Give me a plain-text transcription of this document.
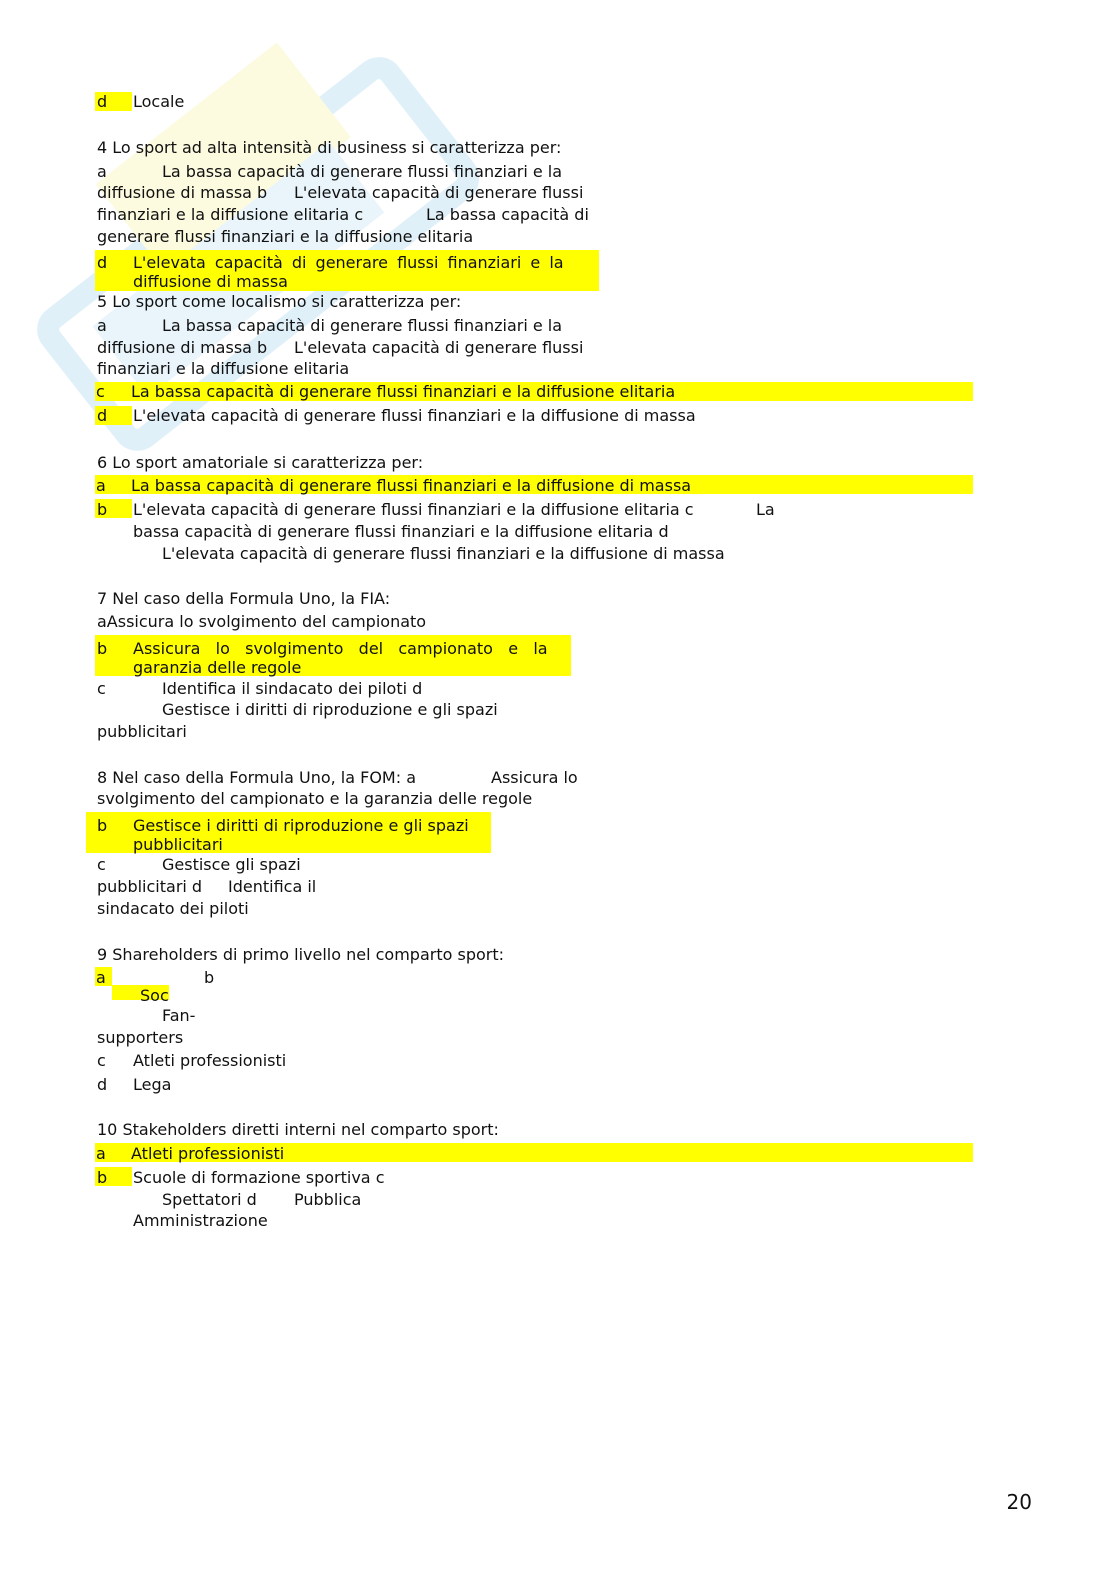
d Locale
4 Lo sport ad alta intensità di business si caratterizza per:
a	La bassa capacità di generare flussi finanziari e la
diffusione di massa b L'elevata capacità di generare flussi
finanziari e la diffusione elitaria c	La bassa capacità di
generare flussi finanziari e la diffusione elitaria
d L'elevata capacità di generare flussi finanziari e la
diffusione di massa
5 Lo sport come localismo si caratterizza per:
a	La bassa capacità di generare flussi finanziari e la
diffusione di massa b L'elevata capacità di generare flussi
finanziari e la diffusione elitaria
c La bassa capacità di generare flussi finanziari e la diffusione elitaria
d L'elevata capacità di generare flussi finanziari e la diffusione di massa
6 Lo sport amatoriale si caratterizza per:
a La bassa capacità di generare flussi finanziari e la diffusione di massa
b L'elevata capacità di generare flussi finanziari e la diffusione elitaria c	La
bassa capacità di generare flussi finanziari e la diffusione elitaria d
L'elevata capacità di generare flussi finanziari e la diffusione di massa
7 Nel caso della Formula Uno, la FIA:
aAssicura lo svolgimento del campionato
b Assicura   lo   svolgimento   del   campionato   e   la
garanzia delle regole
c	Identifica il sindacato dei piloti d
Gestisce i diritti di riproduzione e gli spazi
pubblicitari
8 Nel caso della Formula Uno, la FOM: a	Assicura lo
svolgimento del campionato e la garanzia delle regole
b Gestisce i diritti di riproduzione e gli spazi
pubblicitari
c	Gestisce gli spazi
pubblicitari d Identifica il
sindacato dei piloti
9 Shareholders di primo livello nel comparto sport:
a	b
Soc
Fan-
supporters
c Atleti professionisti
d Lega
10 Stakeholders diretti interni nel comparto sport:
a Atleti professionisti
b Scuole di formazione sportiva c
Spettatori d Pubblica
Amministrazione
20
